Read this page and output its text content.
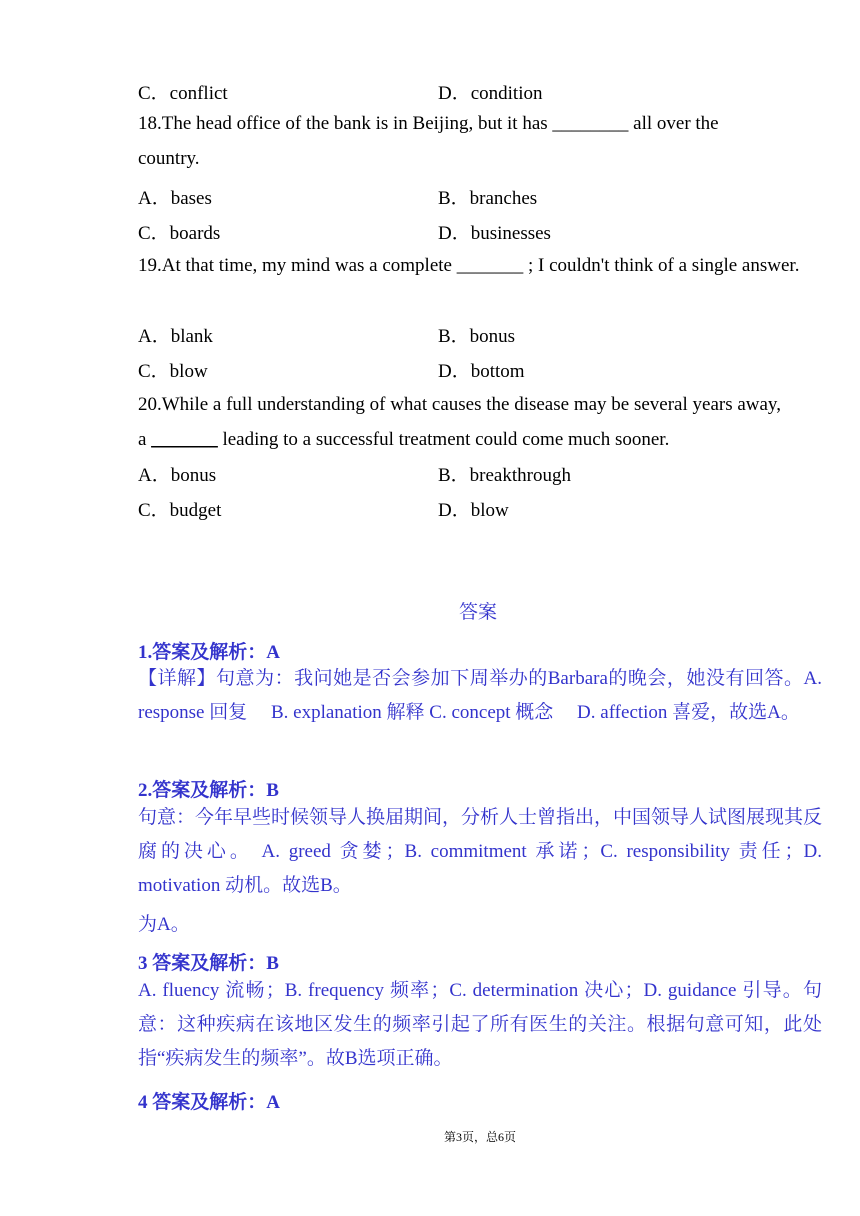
C．conflict	D．condition
18.The head office of the bank is in Beijing, but it has ________ all over the
country.
A．bases	B．branches
C．boards	D．businesses
19.At that time, my mind was a complete _______ ; I couldn't think of a single answer.
A．blank	B．bonus
C．blow	D．bottom
20.While a full understanding of what causes the disease may be several years away,
a _______ leading to a successful treatment could come much sooner.
A．bonus	B．breakthrough
C．budget	D．blow
答案
1.答案及解析：A
【详解】句意为：我问她是否会参加下周举办的Barbara的晚会，她没有回答。A. response 回复　 B. explanation 解释 C. concept 概念　 D. affection 喜爱，故选A。
2.答案及解析：B
句意：今年早些时候领导人换届期间，分析人士曾指出，中国领导人试图展现其反腐的决心。 A. greed 贪婪；B. commitment 承诺；C. responsibility 责任；D. motivation 动机。故选B。
为A。
3 答案及解析：B
A. fluency 流畅；B. frequency 频率；C. determination 决心；D. guidance 引导。句意：这种疾病在该地区发生的频率引起了所有医生的关注。根据句意可知，此处指“疾病发生的频率”。故B选项正确。
4 答案及解析：A
第3页，总6页
